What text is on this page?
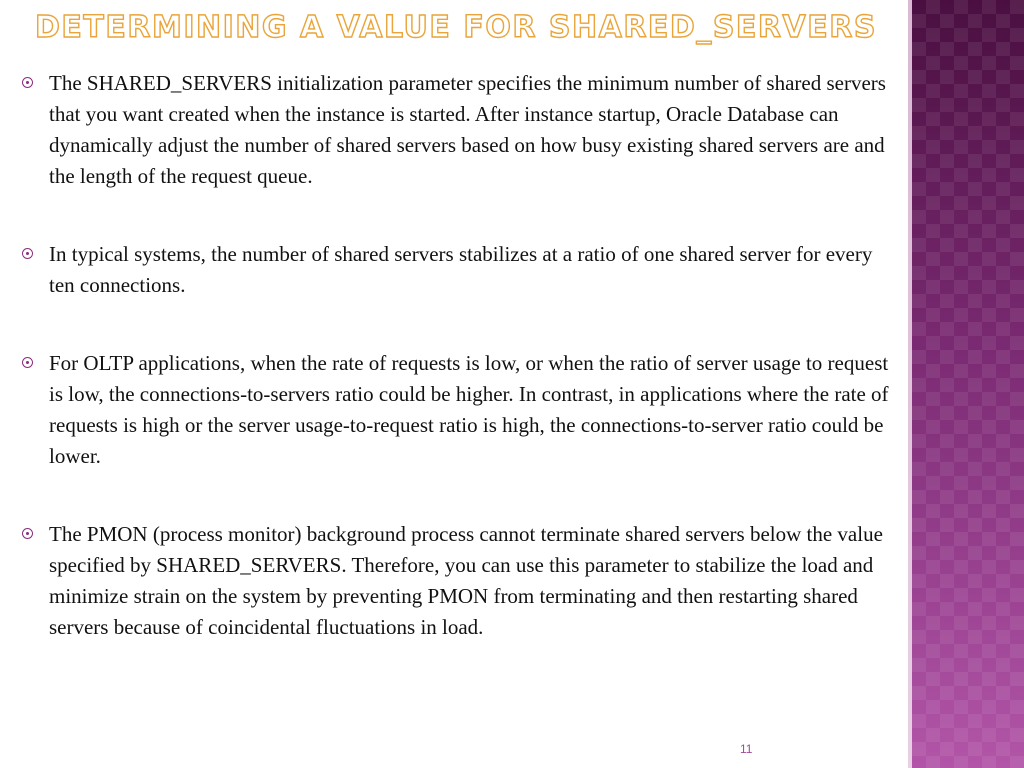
DETERMINING A VALUE FOR SHARED_SERVERS
The SHARED_SERVERS initialization parameter specifies the minimum number of shared servers that you want created when the instance is started. After instance startup, Oracle Database can dynamically adjust the number of shared servers based on how busy existing shared servers are and the length of the request queue.
In typical systems, the number of shared servers stabilizes at a ratio of one shared server for every ten connections.
For OLTP applications, when the rate of requests is low, or when the ratio of server usage to request is low, the connections-to-servers ratio could be higher. In contrast, in applications where the rate of requests is high or the server usage-to-request ratio is high, the connections-to-server ratio could be lower.
The PMON (process monitor) background process cannot terminate shared servers below the value specified by SHARED_SERVERS. Therefore, you can use this parameter to stabilize the load and minimize strain on the system by preventing PMON from terminating and then restarting shared servers because of coincidental fluctuations in load.
11
